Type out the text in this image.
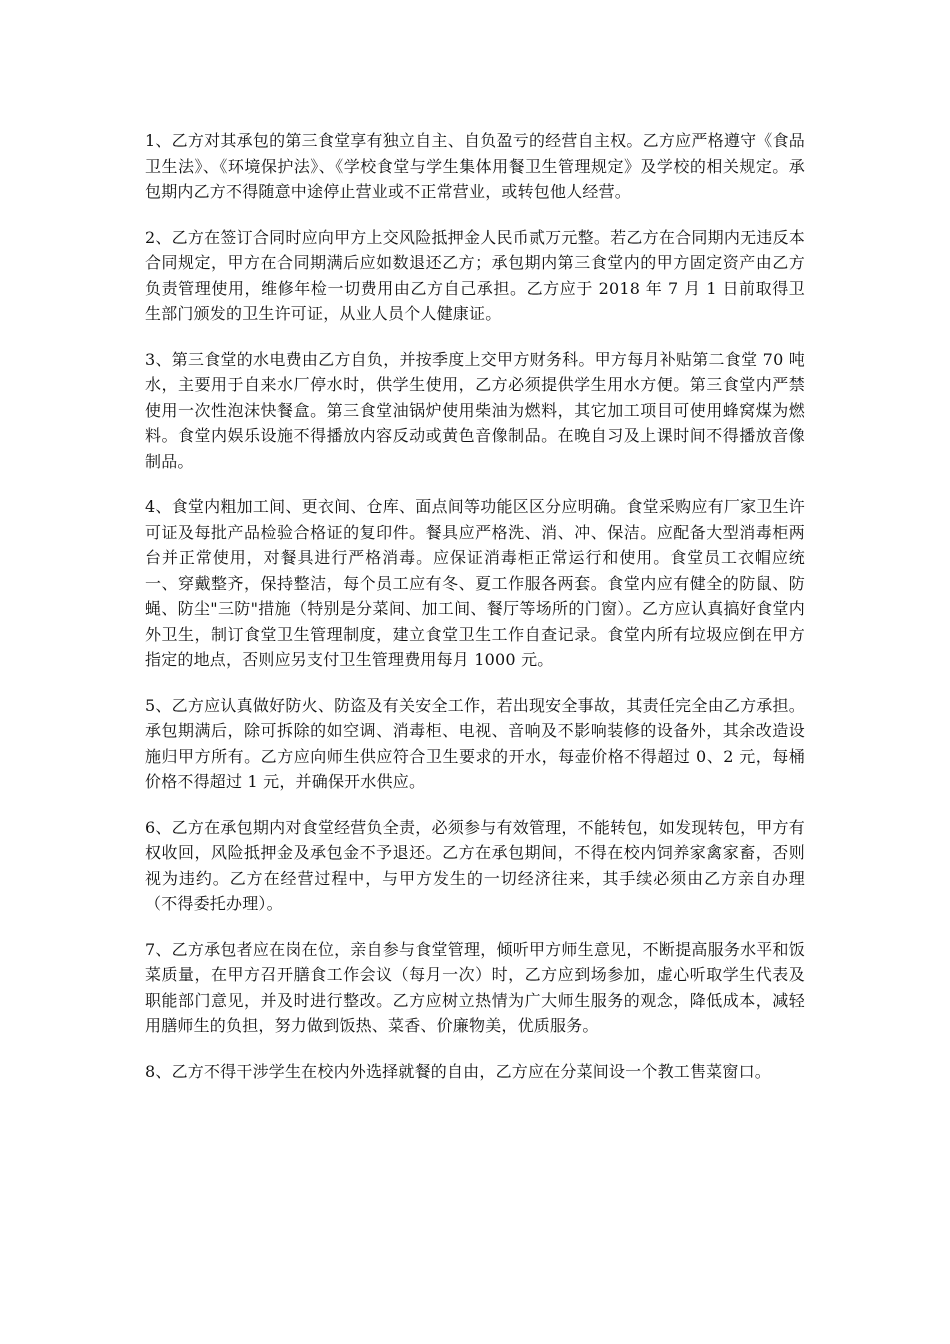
1、乙方对其承包的第三食堂享有独立自主、自负盈亏的经营自主权。乙方应严格遵守《食品卫生法》、《环境保护法》、《学校食堂与学生集体用餐卫生管理规定》及学校的相关规定。承包期内乙方不得随意中途停止营业或不正常营业，或转包他人经营。

2、乙方在签订合同时应向甲方上交风险抵押金人民币贰万元整。若乙方在合同期内无违反本合同规定，甲方在合同期满后应如数退还乙方；承包期内第三食堂内的甲方固定资产由乙方负责管理使用，维修年检一切费用由乙方自己承担。乙方应于 2018 年 7 月 1 日前取得卫生部门颁发的卫生许可证，从业人员个人健康证。

3、第三食堂的水电费由乙方自负，并按季度上交甲方财务科。甲方每月补贴第二食堂 70 吨水，主要用于自来水厂停水时，供学生使用，乙方必须提供学生用水方便。第三食堂内严禁使用一次性泡沫快餐盒。第三食堂油锅炉使用柴油为燃料，其它加工项目可使用蜂窝煤为燃料。食堂内娱乐设施不得播放内容反动或黄色音像制品。在晚自习及上课时间不得播放音像制品。

4、食堂内粗加工间、更衣间、仓库、面点间等功能区区分应明确。食堂采购应有厂家卫生许可证及每批产品检验合格证的复印件。餐具应严格洗、消、冲、保洁。应配备大型消毒柜两台并正常使用，对餐具进行严格消毒。应保证消毒柜正常运行和使用。食堂员工衣帽应统一、穿戴整齐，保持整洁，每个员工应有冬、夏工作服各两套。食堂内应有健全的防鼠、防蝇、防尘"三防"措施（特别是分菜间、加工间、餐厅等场所的门窗）。乙方应认真搞好食堂内外卫生，制订食堂卫生管理制度，建立食堂卫生工作自查记录。食堂内所有垃圾应倒在甲方指定的地点，否则应另支付卫生管理费用每月 1000 元。

5、乙方应认真做好防火、防盗及有关安全工作，若出现安全事故，其责任完全由乙方承担。承包期满后，除可拆除的如空调、消毒柜、电视、音响及不影响装修的设备外，其余改造设施归甲方所有。乙方应向师生供应符合卫生要求的开水，每壶价格不得超过 0、2 元，每桶价格不得超过 1 元，并确保开水供应。

6、乙方在承包期内对食堂经营负全责，必须参与有效管理，不能转包，如发现转包，甲方有权收回，风险抵押金及承包金不予退还。乙方在承包期间，不得在校内饲养家禽家畜，否则视为违约。乙方在经营过程中，与甲方发生的一切经济往来，其手续必须由乙方亲自办理（不得委托办理）。

7、乙方承包者应在岗在位，亲自参与食堂管理，倾听甲方师生意见，不断提高服务水平和饭菜质量，在甲方召开膳食工作会议（每月一次）时，乙方应到场参加，虚心听取学生代表及职能部门意见，并及时进行整改。乙方应树立热情为广大师生服务的观念，降低成本，减轻用膳师生的负担，努力做到饭热、菜香、价廉物美，优质服务。

8、乙方不得干涉学生在校内外选择就餐的自由，乙方应在分菜间设一个教工售菜窗口。
